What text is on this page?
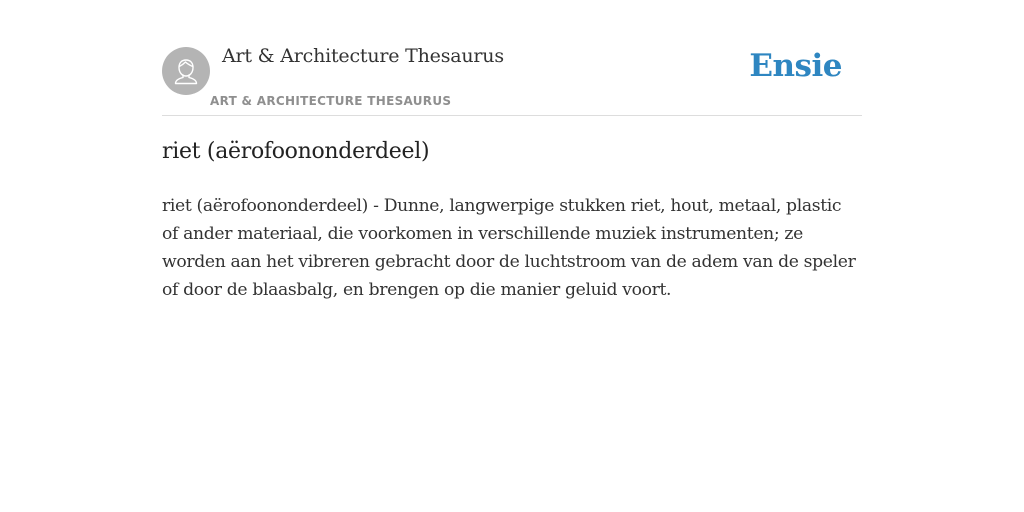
Art & Architecture Thesaurus
ART & ARCHITECTURE THESAURUS
Ensie
riet (aërofoononderdeel)

riet (aërofoononderdeel) - Dunne, langwerpige stukken riet, hout, metaal, plastic of ander materiaal, die voorkomen in verschillende muziek instrumenten; ze worden aan het vibreren gebracht door de luchtstroom van de adem van de speler of door de blaasbalg, en brengen op die manier geluid voort.
